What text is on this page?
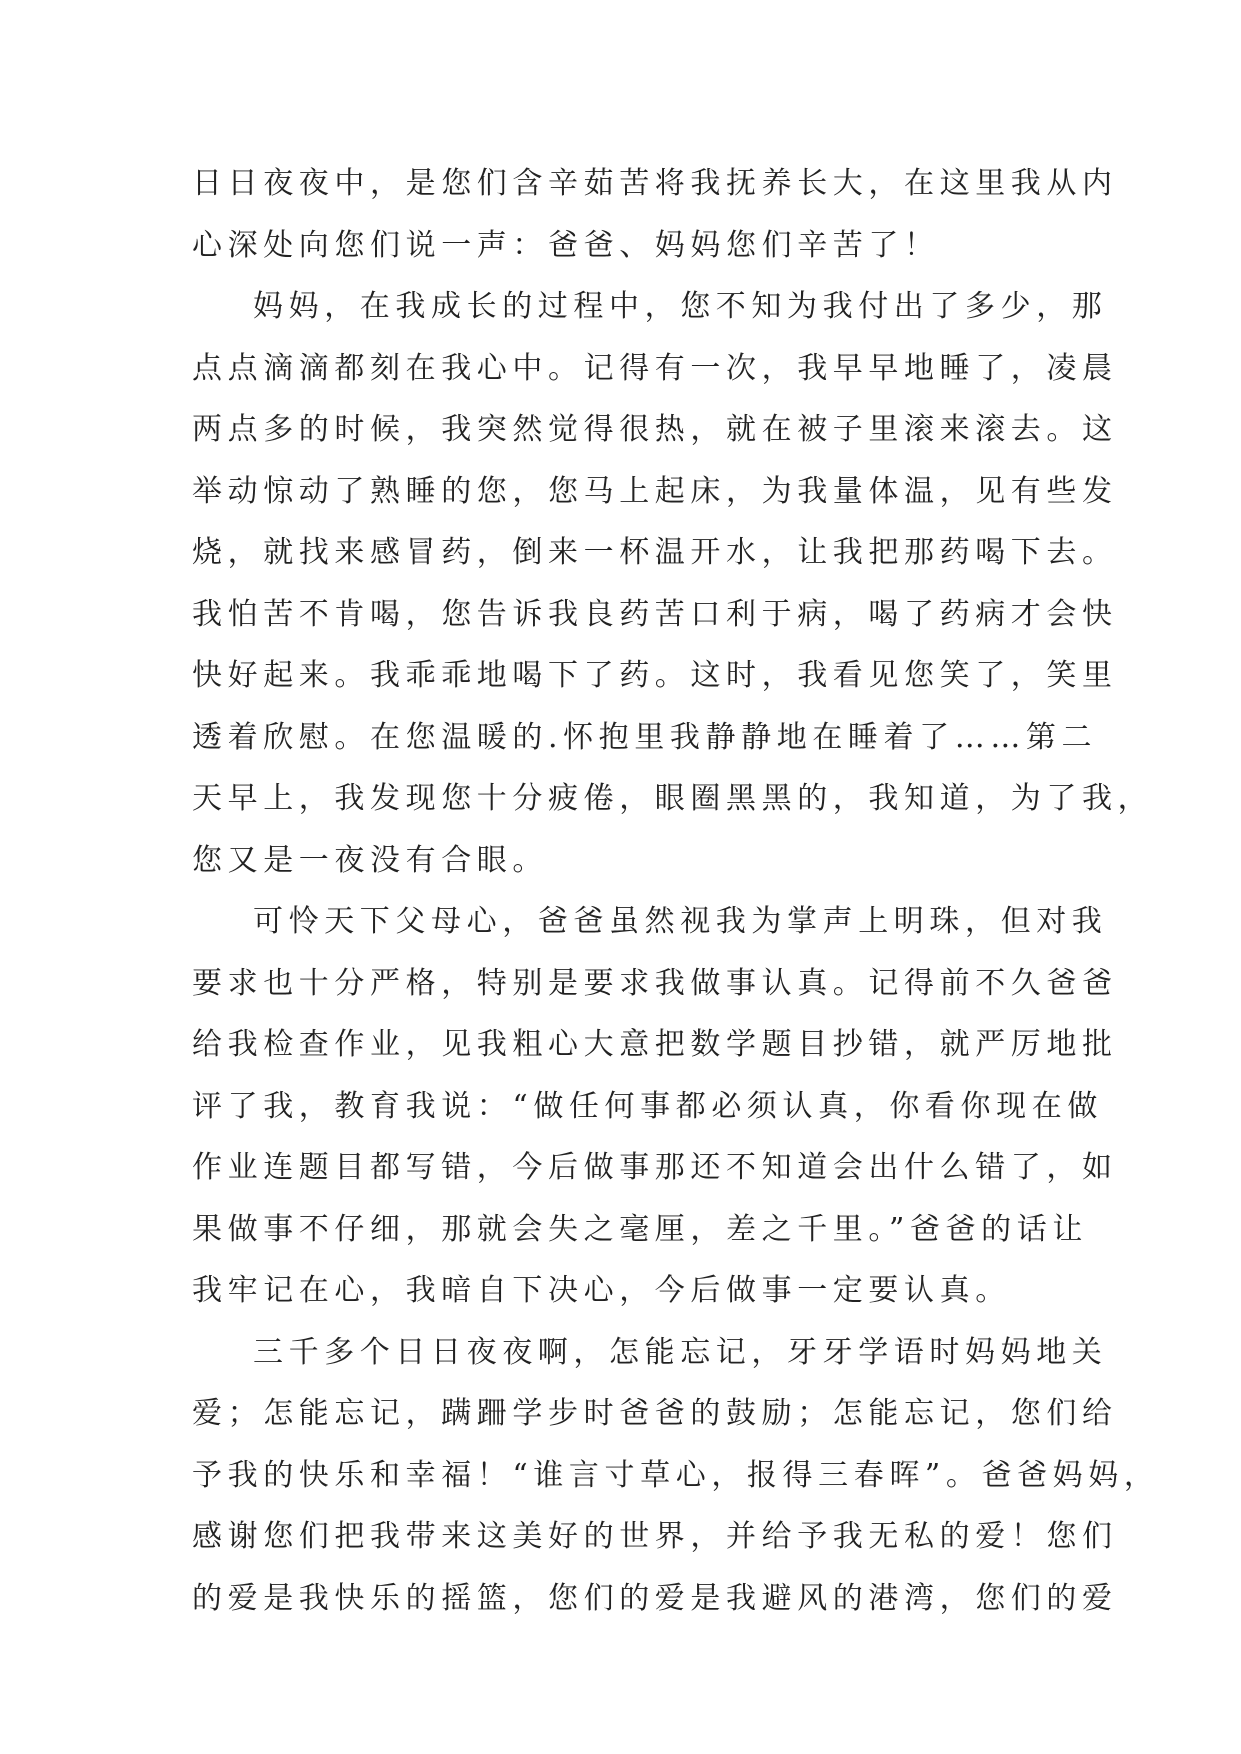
日日夜夜中，是您们含辛茹苦将我抚养长大，在这里我从内
心深处向您们说一声：爸爸、妈妈您们辛苦了！
妈妈，在我成长的过程中，您不知为我付出了多少，那
点点滴滴都刻在我心中。记得有一次，我早早地睡了，凌晨
两点多的时候，我突然觉得很热，就在被子里滚来滚去。这
举动惊动了熟睡的您，您马上起床，为我量体温，见有些发
烧，就找来感冒药，倒来一杯温开水，让我把那药喝下去。
我怕苦不肯喝，您告诉我良药苦口利于病，喝了药病才会快
快好起来。我乖乖地喝下了药。这时，我看见您笑了，笑里
透着欣慰。在您温暖的.怀抱里我静静地在睡着了……第二
天早上，我发现您十分疲倦，眼圈黑黑的，我知道，为了我，
您又是一夜没有合眼。
可怜天下父母心，爸爸虽然视我为掌声上明珠，但对我
要求也十分严格，特别是要求我做事认真。记得前不久爸爸
给我检查作业，见我粗心大意把数学题目抄错，就严厉地批
评了我，教育我说：“做任何事都必须认真，你看你现在做
作业连题目都写错，今后做事那还不知道会出什么错了，如
果做事不仔细，那就会失之毫厘，差之千里。”爸爸的话让
我牢记在心，我暗自下决心，今后做事一定要认真。
三千多个日日夜夜啊，怎能忘记，牙牙学语时妈妈地关
爱；怎能忘记，蹒跚学步时爸爸的鼓励；怎能忘记，您们给
予我的快乐和幸福！“谁言寸草心，报得三春晖”。爸爸妈妈，
感谢您们把我带来这美好的世界，并给予我无私的爱！您们
的爱是我快乐的摇篮，您们的爱是我避风的港湾，您们的爱
